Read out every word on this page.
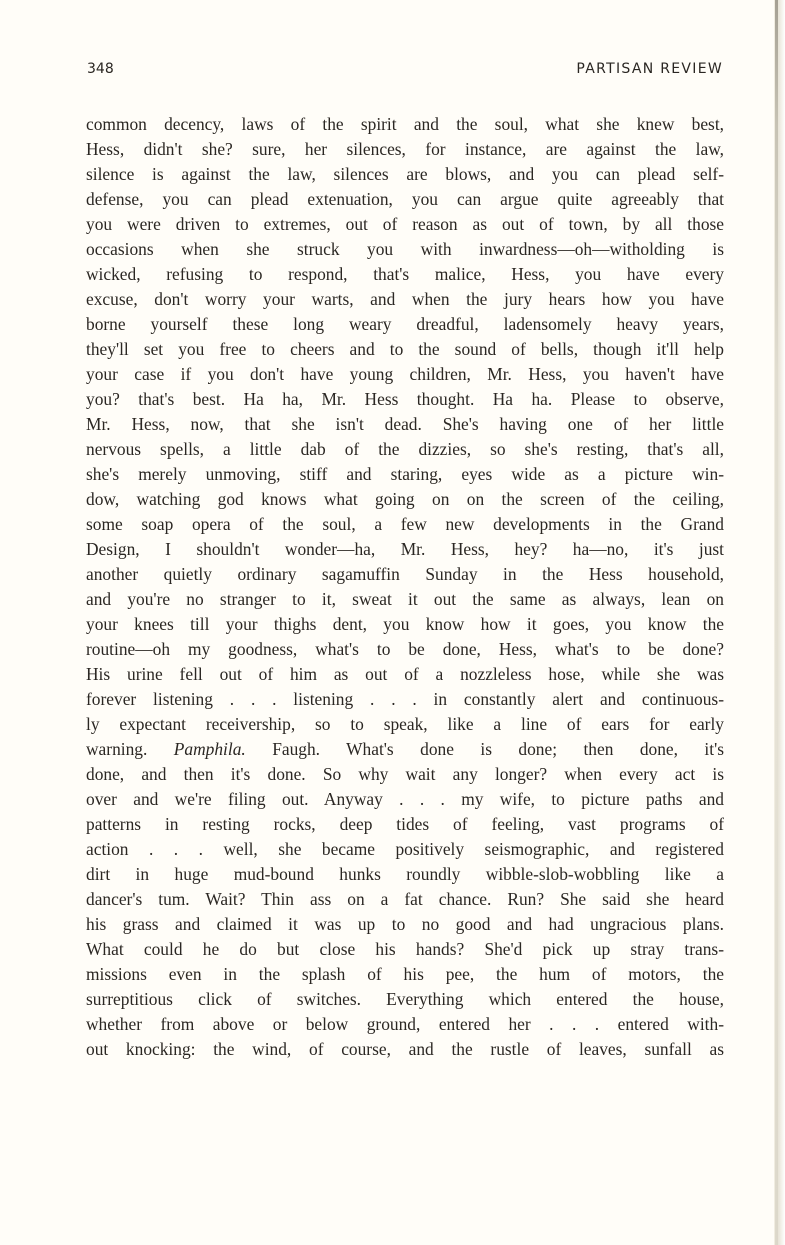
348	PARTISAN REVIEW
common decency, laws of the spirit and the soul, what she knew best,
Hess, didn't she? sure, her silences, for instance, are against the law,
silence is against the law, silences are blows, and you can plead self-
defense, you can plead extenuation, you can argue quite agreeably that
you were driven to extremes, out of reason as out of town, by all those
occasions when she struck you with inwardness—oh—witholding is
wicked, refusing to respond, that's malice, Hess, you have every
excuse, don't worry your warts, and when the jury hears how you have
borne yourself these long weary dreadful, ladensomely heavy years,
they'll set you free to cheers and to the sound of bells, though it'll help
your case if you don't have young children, Mr. Hess, you haven't have
you? that's best. Ha ha, Mr. Hess thought. Ha ha. Please to observe,
Mr. Hess, now, that she isn't dead. She's having one of her little
nervous spells, a little dab of the dizzies, so she's resting, that's all,
she's merely unmoving, stiff and staring, eyes wide as a picture win-
dow, watching god knows what going on on the screen of the ceiling,
some soap opera of the soul, a few new developments in the Grand
Design, I shouldn't wonder—ha, Mr. Hess, hey? ha—no, it's just
another quietly ordinary sagamuffin Sunday in the Hess household,
and you're no stranger to it, sweat it out the same as always, lean on
your knees till your thighs dent, you know how it goes, you know the
routine—oh my goodness, what's to be done, Hess, what's to be done?
His urine fell out of him as out of a nozzleless hose, while she was
forever listening . . . listening . . . in constantly alert and continuous-
ly expectant receivership, so to speak, like a line of ears for early
warning. Pamphila. Faugh. What's done is done; then done, it's
done, and then it's done. So why wait any longer? when every act is
over and we're filing out. Anyway . . . my wife, to picture paths and
patterns in resting rocks, deep tides of feeling, vast programs of
action . . . well, she became positively seismographic, and registered
dirt in huge mud-bound hunks roundly wibble-slob-wobbling like a
dancer's tum. Wait? Thin ass on a fat chance. Run? She said she heard
his grass and claimed it was up to no good and had ungracious plans.
What could he do but close his hands? She'd pick up stray trans-
missions even in the splash of his pee, the hum of motors, the
surreptitious click of switches. Everything which entered the house,
whether from above or below ground, entered her . . . entered with-
out knocking: the wind, of course, and the rustle of leaves, sunfall as
